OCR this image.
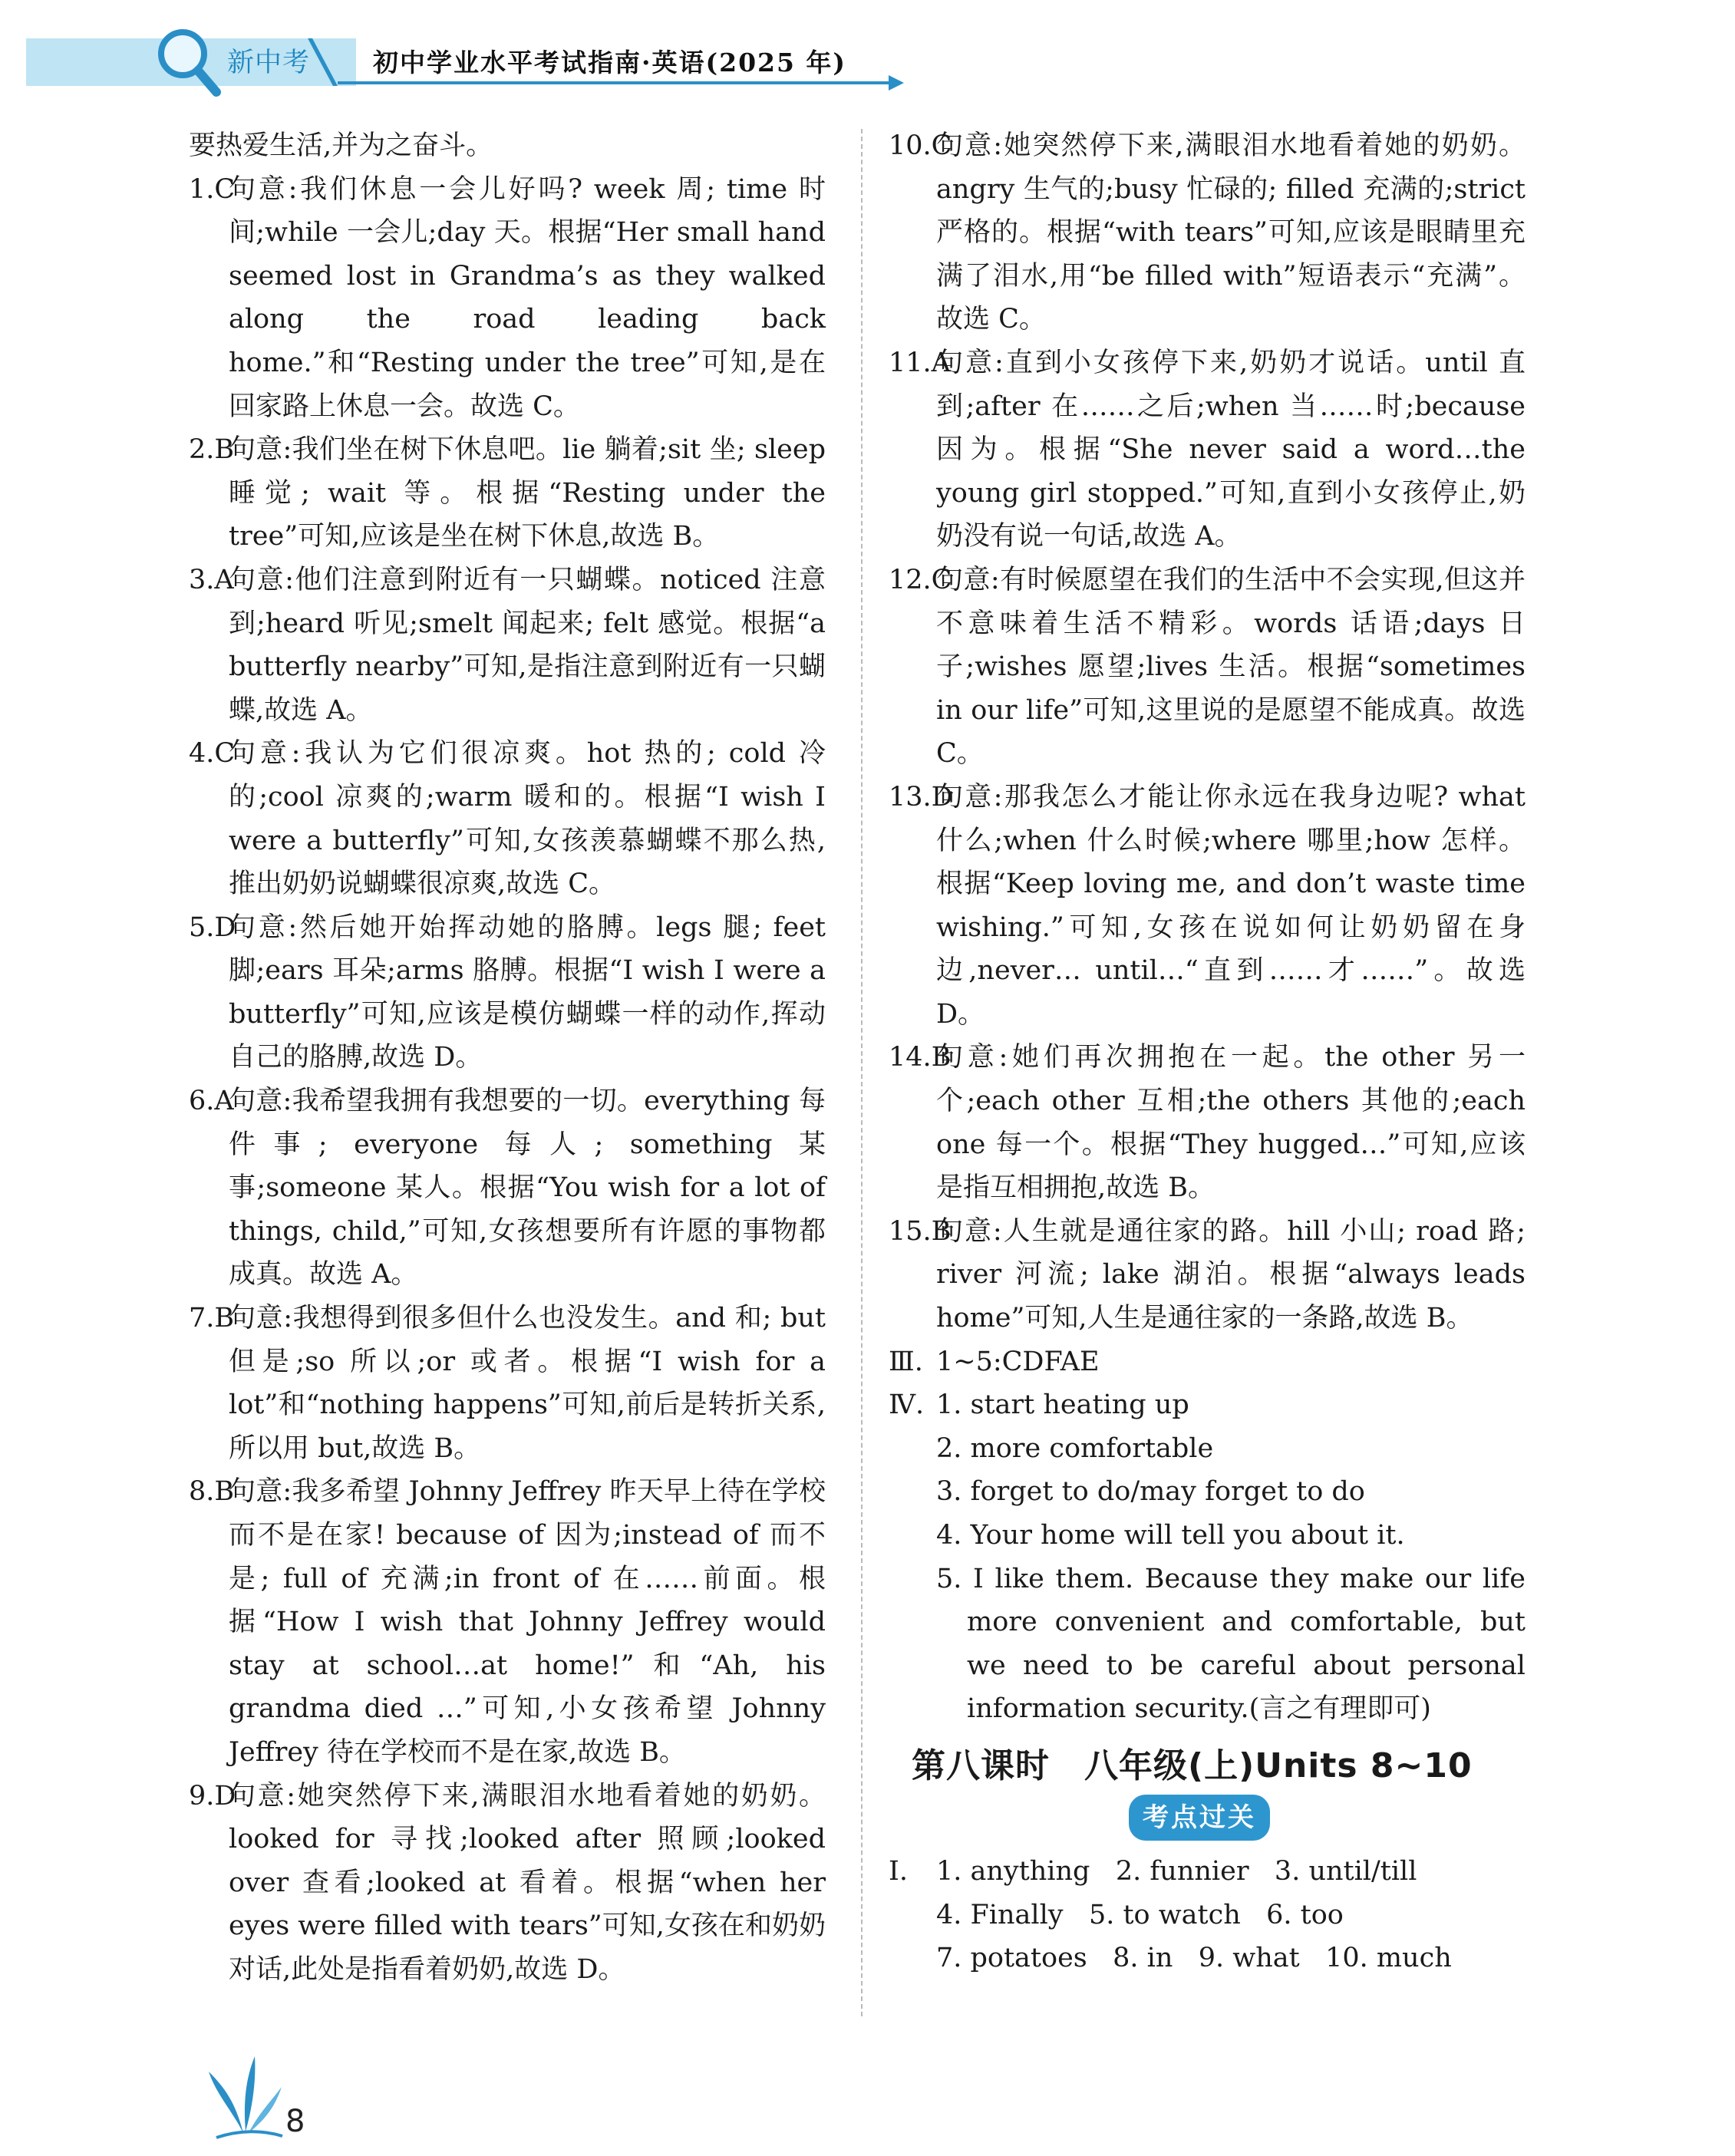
新中考 初中学业水平考试指南·英语(2025 年)

要热爱生活,并为之奋斗。

1.C
句意:我们休息一会儿好吗? week 周; time 时间;while 一会儿;day 天。根据“Her small hand seemed lost in Grandma’s as they walked along the road leading back home.”和“Resting under the tree”可知,是在回家路上休息一会。故选 C。

2.B
句意:我们坐在树下休息吧。lie 躺着;sit 坐; sleep 睡觉; wait 等。根据“Resting under the tree”可知,应该是坐在树下休息,故选 B。

3.A
句意:他们注意到附近有一只蝴蝶。noticed 注意到;heard 听见;smelt 闻起来; felt 感觉。根据“a butterfly nearby”可知,是指注意到附近有一只蝴蝶,故选 A。

4.C
句意:我认为它们很凉爽。hot 热的; cold 冷的;cool 凉爽的;warm 暖和的。根据“I wish I were a butterfly”可知,女孩羡慕蝴蝶不那么热,推出奶奶说蝴蝶很凉爽,故选 C。

5.D
句意:然后她开始挥动她的胳膊。legs 腿; feet 脚;ears 耳朵;arms 胳膊。根据“I wish I were a butterfly”可知,应该是模仿蝴蝶一样的动作,挥动自己的胳膊,故选 D。

6.A
句意:我希望我拥有我想要的一切。everything 每件事; everyone 每人; something 某事;someone 某人。根据“You wish for a lot of things, child,”可知,女孩想要所有许愿的事物都成真。故选 A。

7.B
句意:我想得到很多但什么也没发生。and 和; but 但是;so 所以;or 或者。根据“I wish for a lot”和“nothing happens”可知,前后是转折关系,所以用 but,故选 B。

8.B
句意:我多希望 Johnny Jeffrey 昨天早上待在学校而不是在家! because of 因为;instead of 而不是; full of 充满;in front of 在……前面。根据“How I wish that Johnny Jeffrey would stay at school…at home!”和“Ah, his grandma died …”可知,小女孩希望 Johnny Jeffrey 待在学校而不是在家,故选 B。

9.D
句意:她突然停下来,满眼泪水地看着她的奶奶。looked for 寻找;looked after 照顾;looked over 查看;looked at 看着。根据“when her eyes were filled with tears”可知,女孩在和奶奶对话,此处是指看着奶奶,故选 D。

10.C
句意:她突然停下来,满眼泪水地看着她的奶奶。angry 生气的;busy 忙碌的; filled 充满的;strict 严格的。根据“with tears”可知,应该是眼睛里充满了泪水,用“be filled with”短语表示“充满”。故选 C。

11.A
句意:直到小女孩停下来,奶奶才说话。until 直到;after 在……之后;when 当……时;because 因为。根据“She never said a word…the young girl stopped.”可知,直到小女孩停止,奶奶没有说一句话,故选 A。

12.C
句意:有时候愿望在我们的生活中不会实现,但这并不意味着生活不精彩。words 话语;days 日子;wishes 愿望;lives 生活。根据“sometimes in our life”可知,这里说的是愿望不能成真。故选 C。

13.D
句意:那我怎么才能让你永远在我身边呢? what 什么;when 什么时候;where 哪里;how 怎样。根据“Keep loving me, and don’t waste time wishing.”可知,女孩在说如何让奶奶留在身边,never… until…“直到……才……”。故选 D。

14.B
句意:她们再次拥抱在一起。the other 另一个;each other 互相;the others 其他的;each one 每一个。根据“They hugged…”可知,应该是指互相拥抱,故选 B。

15.B
句意:人生就是通往家的路。hill 小山; road 路; river 河流; lake 湖泊。根据“always leads home”可知,人生是通往家的一条路,故选 B。

Ⅲ. 1~5:CDFAE

Ⅳ. 1. start heating up

2. more comfortable

3. forget to do/may forget to do

4. Your home will tell you about it.

5. I like them. Because they make our life more convenient and comfortable, but we need to be careful about personal information security.(言之有理即可)

第八课时　八年级(上)Units 8~10
考点过关

Ⅰ. 1. anything   2. funnier   3. until/till

4. Finally   5. to watch   6. too

7. potatoes   8. in   9. what   10. much

8
